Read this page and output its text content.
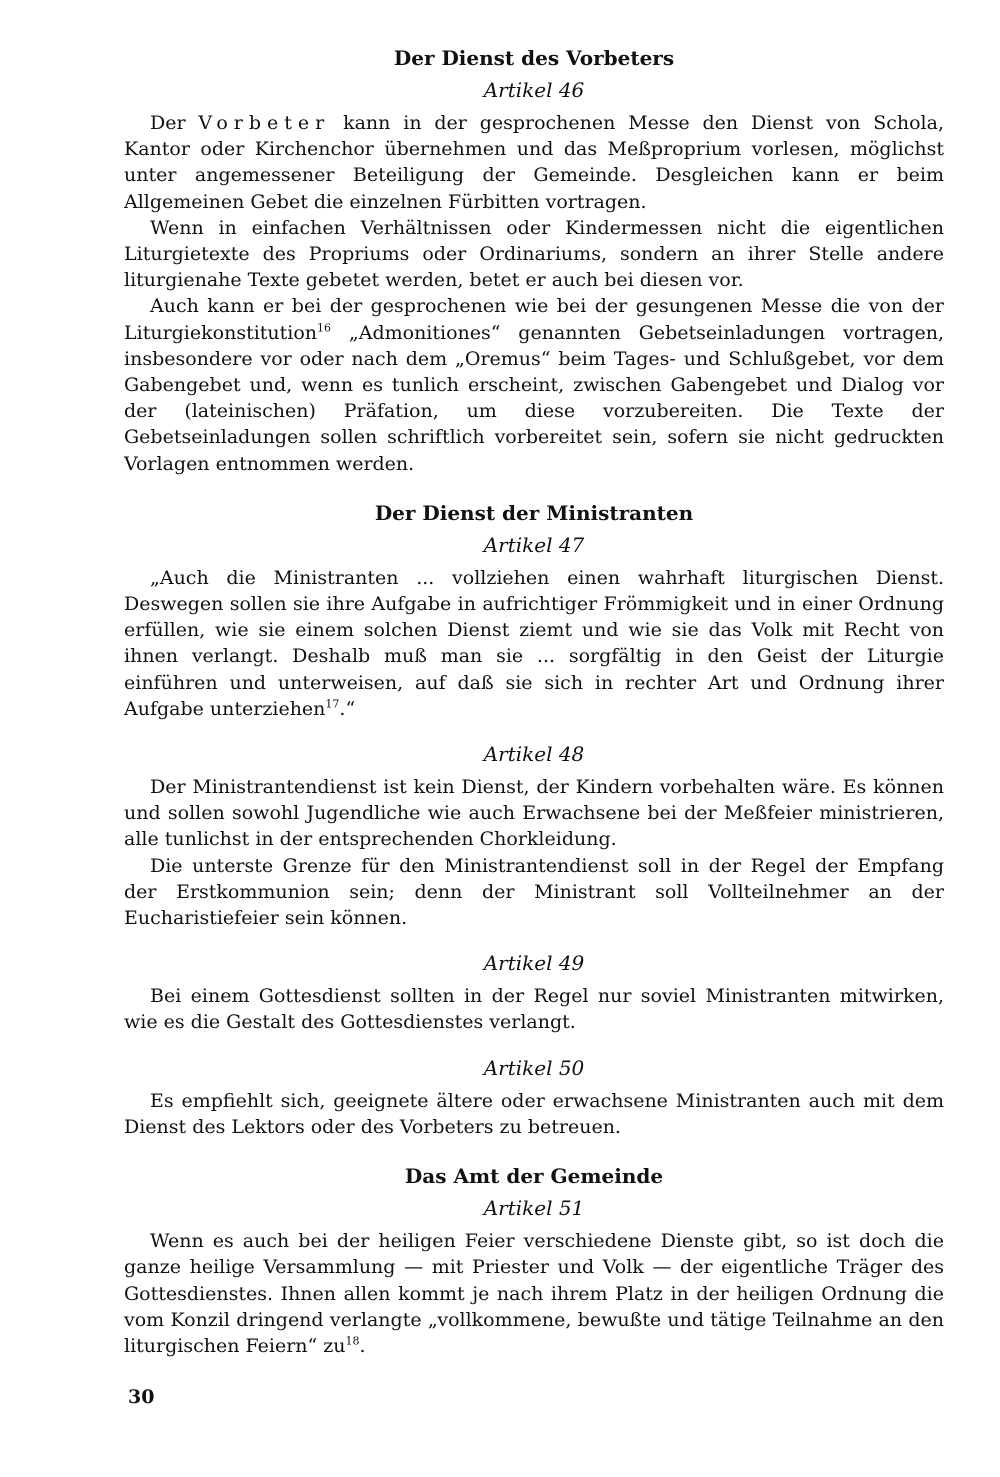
Der Dienst des Vorbeters
Artikel 46

Der Vorbeter kann in der gesprochenen Messe den Dienst von Schola, Kantor oder Kirchenchor übernehmen und das Meßproprium vorlesen, möglichst unter angemessener Beteiligung der Gemeinde. Desgleichen kann er beim Allgemeinen Gebet die einzelnen Fürbitten vortragen.

Wenn in einfachen Verhältnissen oder Kindermessen nicht die eigentlichen Liturgietexte des Propriums oder Ordinariums, sondern an ihrer Stelle andere liturgienahe Texte gebetet werden, betet er auch bei diesen vor.

Auch kann er bei der gesprochenen wie bei der gesungenen Messe die von der Liturgiekonstitution$^{16}$ „Admonitiones“ genannten Gebetseinladungen vortragen, insbesondere vor oder nach dem „Oremus“ beim Tages- und Schlußgebet, vor dem Gabengebet und, wenn es tunlich erscheint, zwischen Gabengebet und Dialog vor der (lateinischen) Präfation, um diese vorzubereiten. Die Texte der Gebetseinladungen sollen schriftlich vorbereitet sein, sofern sie nicht gedruckten Vorlagen entnommen werden.

Der Dienst der Ministranten
Artikel 47

„Auch die Ministranten ... vollziehen einen wahrhaft liturgischen Dienst. Deswegen sollen sie ihre Aufgabe in aufrichtiger Frömmigkeit und in einer Ordnung erfüllen, wie sie einem solchen Dienst ziemt und wie sie das Volk mit Recht von ihnen verlangt. Deshalb muß man sie ... sorgfältig in den Geist der Liturgie einführen und unterweisen, auf daß sie sich in rechter Art und Ordnung ihrer Aufgabe unterziehen$^{17}$.“

Artikel 48

Der Ministrantendienst ist kein Dienst, der Kindern vorbehalten wäre. Es können und sollen sowohl Jugendliche wie auch Erwachsene bei der Meßfeier ministrieren, alle tunlichst in der entsprechenden Chorkleidung.

Die unterste Grenze für den Ministrantendienst soll in der Regel der Empfang der Erstkommunion sein; denn der Ministrant soll Vollteilnehmer an der Eucharistiefeier sein können.

Artikel 49

Bei einem Gottesdienst sollten in der Regel nur soviel Ministranten mitwirken, wie es die Gestalt des Gottesdienstes verlangt.

Artikel 50

Es empfiehlt sich, geeignete ältere oder erwachsene Ministranten auch mit dem Dienst des Lektors oder des Vorbeters zu betreuen.

Das Amt der Gemeinde
Artikel 51

Wenn es auch bei der heiligen Feier verschiedene Dienste gibt, so ist doch die ganze heilige Versammlung — mit Priester und Volk — der eigentliche Träger des Gottesdienstes. Ihnen allen kommt je nach ihrem Platz in der heiligen Ordnung die vom Konzil dringend verlangte „vollkommene, bewußte und tätige Teilnahme an den liturgischen Feiern“ $zu^{18}$.

30
